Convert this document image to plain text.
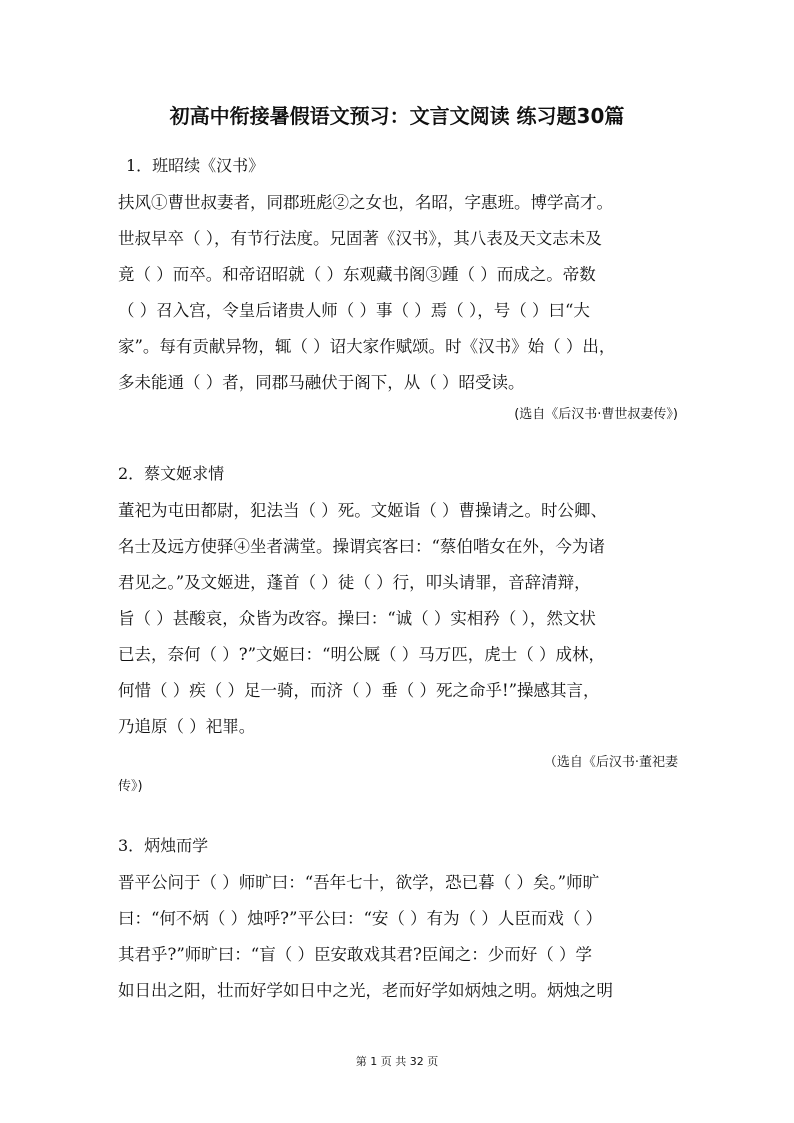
初高中衔接暑假语文预习：文言文阅读 练习题30篇

1．班昭续《汉书》

扶风①曹世叔妻者，同郡班彪②之女也，名昭，字惠班。博学高才。

世叔早卒（ ），有节行法度。兄固著《汉书》，其八表及天文志未及

竟（ ）而卒。和帝诏昭就（ ）东观藏书阁③踵（ ）而成之。帝数

（ ）召入宫，令皇后诸贵人师（ ）事（ ）焉（ ），号（ ）曰“大

家”。每有贡献异物，辄（ ）诏大家作赋颂。时《汉书》始（ ）出，

多未能通（ ）者，同郡马融伏于阁下，从（ ）昭受读。

(选自《后汉书·曹世叔妻传》)

2．蔡文姬求情

董祀为屯田都尉，犯法当（ ）死。文姬诣（ ）曹操请之。时公卿、

名士及远方使驿④坐者满堂。操谓宾客曰：“蔡伯喈女在外，今为诸

君见之。”及文姬进，蓬首（ ）徒（ ）行，叩头请罪，音辞清辩，

旨（ ）甚酸哀，众皆为改容。操曰：“诚（ ）实相矜（ ），然文状

已去，奈何（ ）?”文姬曰：“明公厩（ ）马万匹，虎士（ ）成林，

何惜（ ）疾（ ）足一骑，而济（ ）垂（ ）死之命乎!”操感其言，

乃追原（ ）祀罪。

（选自《后汉书·董祀妻
传》)

3．炳烛而学

晋平公问于（ ）师旷曰：“吾年七十，欲学，恐已暮（ ）矣。”师旷

曰：“何不炳（ ）烛呼?”平公曰：“安（ ）有为（ ）人臣而戏（ ）

其君乎?”师旷曰：“盲（ ）臣安敢戏其君?臣闻之：少而好（ ）学

如日出之阳，壮而好学如日中之光，老而好学如炳烛之明。炳烛之明

第 1 页 共 32 页
